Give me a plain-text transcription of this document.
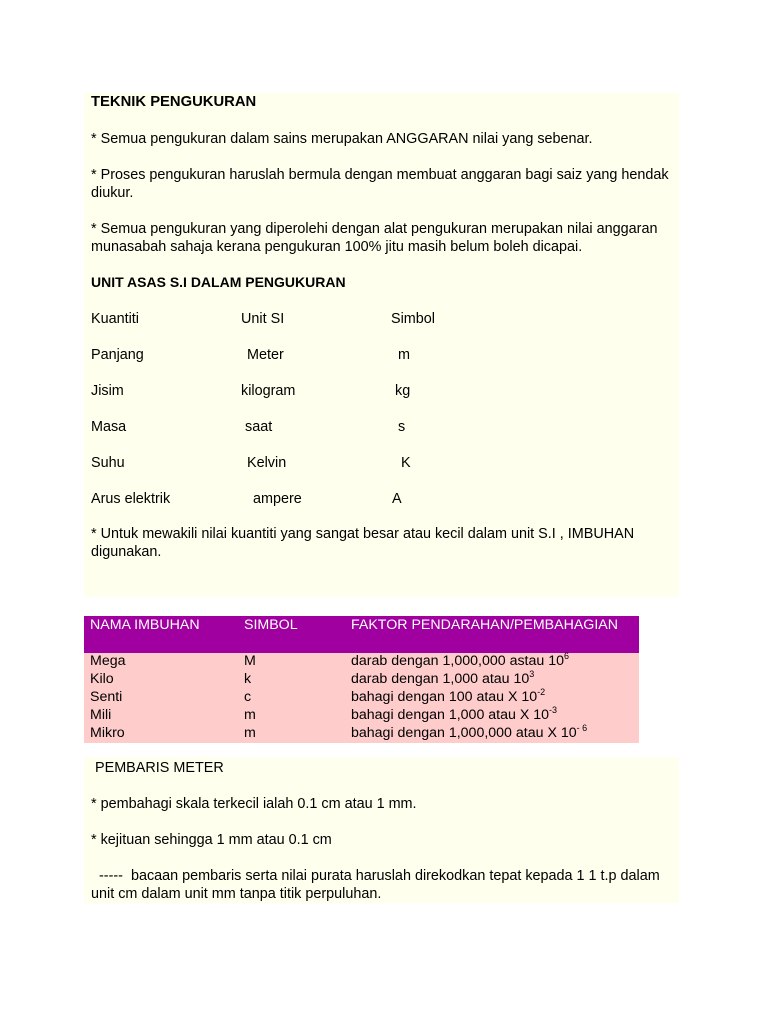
TEKNIK PENGUKURAN

* Semua pengukuran dalam sains merupakan ANGGARAN nilai yang sebenar.

* Proses pengukuran haruslah bermula dengan membuat anggaran bagi saiz yang hendak diukur.

* Semua pengukuran yang diperolehi dengan alat pengukuran merupakan nilai anggaran munasabah sahaja kerana pengukuran 100% jitu masih belum boleh dicapai.

UNIT ASAS S.I DALAM PENGUKURAN
Kuantiti	Unit SI	Simbol
Panjang	Meter	m
Jisim	kilogram	kg
Masa	saat	s
Suhu	Kelvin	K
Arus elektrik	ampere	A

* Untuk mewakili nilai kuantiti yang sangat besar atau kecil dalam unit S.I , IMBUHAN digunakan.

NAMA IMBUHAN	SIMBOL	FAKTOR PENDARAHAN/PEMBAHAGIAN
Mega	M	darab dengan 1,000,000 astau $10^6$
Kilo	k	darab dengan 1,000 atau $10^3$
Senti	c	bahagi dengan 100 atau X $10^{-2}$
Mili	m	bahagi dengan 1,000 atau X $10^{-3}$
Mikro	m	bahagi dengan 1,000,000 atau X $10^{- 6}$

PEMBARIS METER

* pembahagi skala terkecil ialah 0.1 cm atau 1 mm.

* kejituan sehingga 1 mm atau 0.1 cm

-----  bacaan pembaris serta nilai purata haruslah direkodkan tepat kepada 1 1 t.p dalam unit cm dalam unit mm tanpa titik perpuluhan.
